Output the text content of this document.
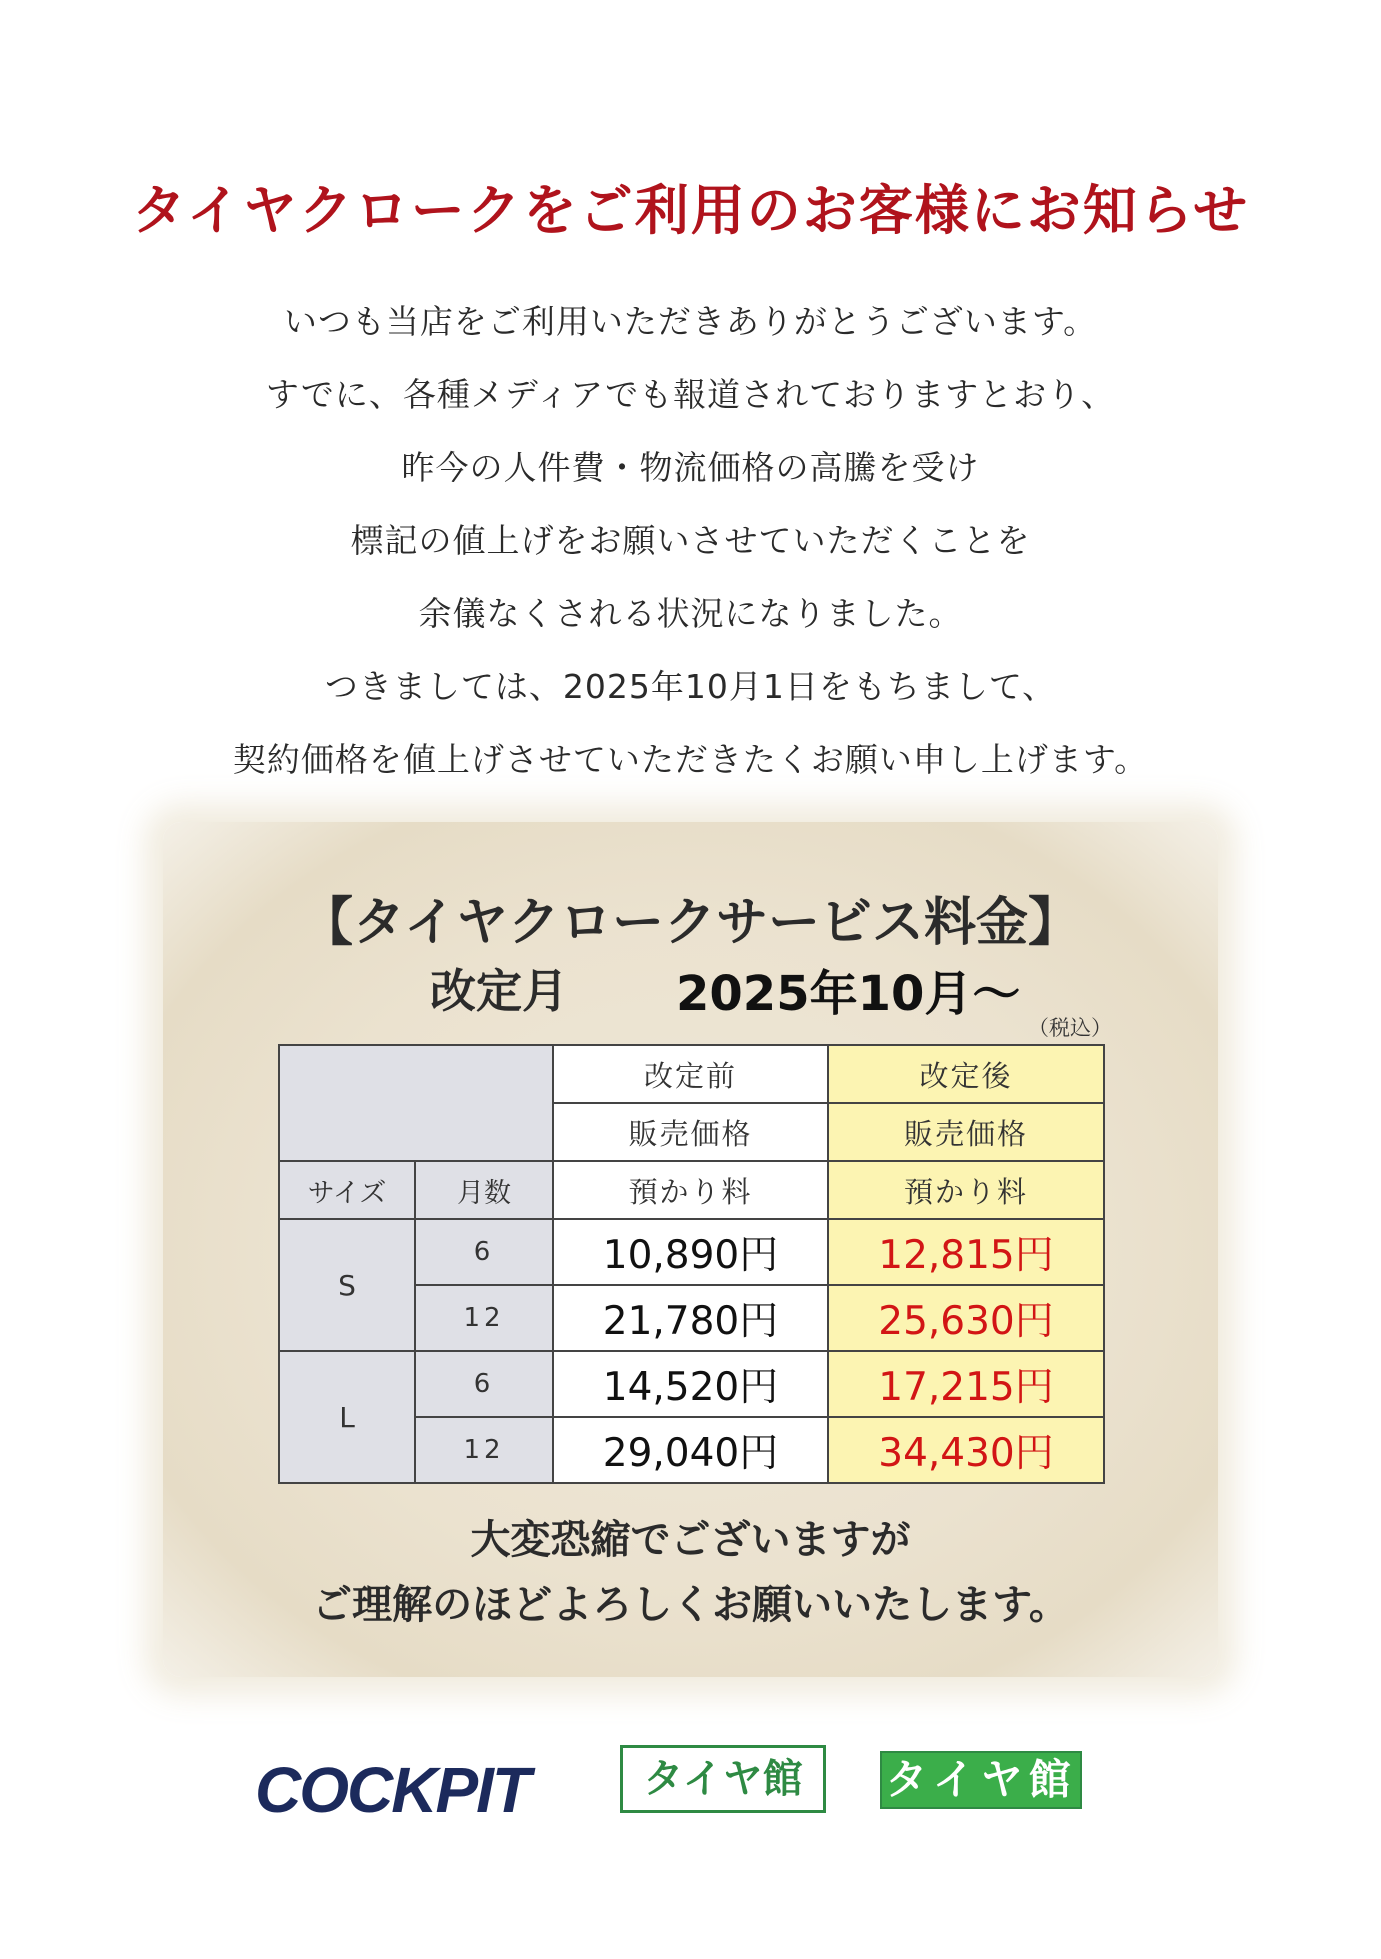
タイヤクロークをご利用のお客様にお知らせ
いつも当店をご利用いただきありがとうございます。
すでに、各種メディアでも報道されておりますとおり、
昨今の人件費・物流価格の高騰を受け
標記の値上げをお願いさせていただくことを
余儀なくされる状況になりました。
つきましては、2025年10月1日をもちまして、
契約価格を値上げさせていただきたくお願い申し上げます。
【タイヤクロークサービス料金】
改定月 2025年10月～
（税込）
		改定前	改定後
		販売価格	販売価格
サイズ	月数	預かり料	預かり料
S	6	10,890円	12,815円
	12	21,780円	25,630円
L	6	14,520円	17,215円
	12	29,040円	34,430円
大変恐縮でございますが
ご理解のほどよろしくお願いいたします。
COCKPIT	タイヤ館	タイヤ館
